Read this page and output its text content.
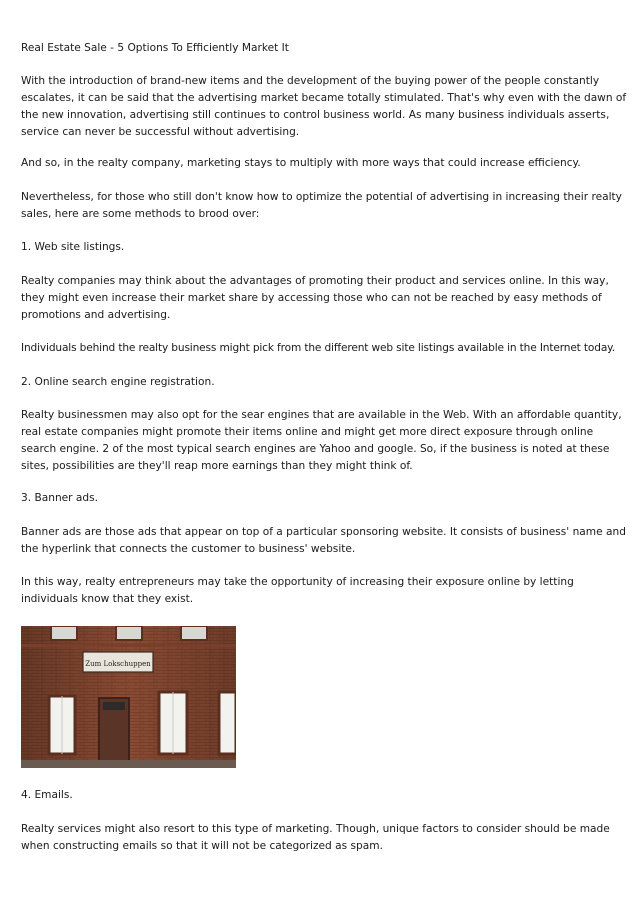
Real Estate Sale - 5 Options To Efficiently Market It

With the introduction of brand-new items and the development of the buying power of the people constantly

escalates, it can be said that the advertising market became totally stimulated. That's why even with the dawn of

the new innovation, advertising still continues to control business world. As many business individuals asserts,

service can never be successful without advertising.

And so, in the realty company, marketing stays to multiply with more ways that could increase efficiency.

Nevertheless, for those who still don't know how to optimize the potential of advertising in increasing their realty

sales, here are some methods to brood over:

1. Web site listings.

Realty companies may think about the advantages of promoting their product and services online. In this way,

they might even increase their market share by accessing those who can not be reached by easy methods of

promotions and advertising.

Individuals behind the realty business might pick from the different web site listings available in the Internet today.

2. Online search engine registration.

Realty businessmen may also opt for the sear engines that are available in the Web. With an affordable quantity,

real estate companies might promote their items online and might get more direct exposure through online

search engine. 2 of the most typical search engines are Yahoo and google. So, if the business is noted at these

sites, possibilities are they'll reap more earnings than they might think of.

3. Banner ads.

Banner ads are those ads that appear on top of a particular sponsoring website. It consists of business' name and

the hyperlink that connects the customer to business' website.

In this way, realty entrepreneurs may take the opportunity of increasing their exposure online by letting

individuals know that they exist.

Zum Lokschuppen

4. Emails.

Realty services might also resort to this type of marketing. Though, unique factors to consider should be made

when constructing emails so that it will not be categorized as spam.
